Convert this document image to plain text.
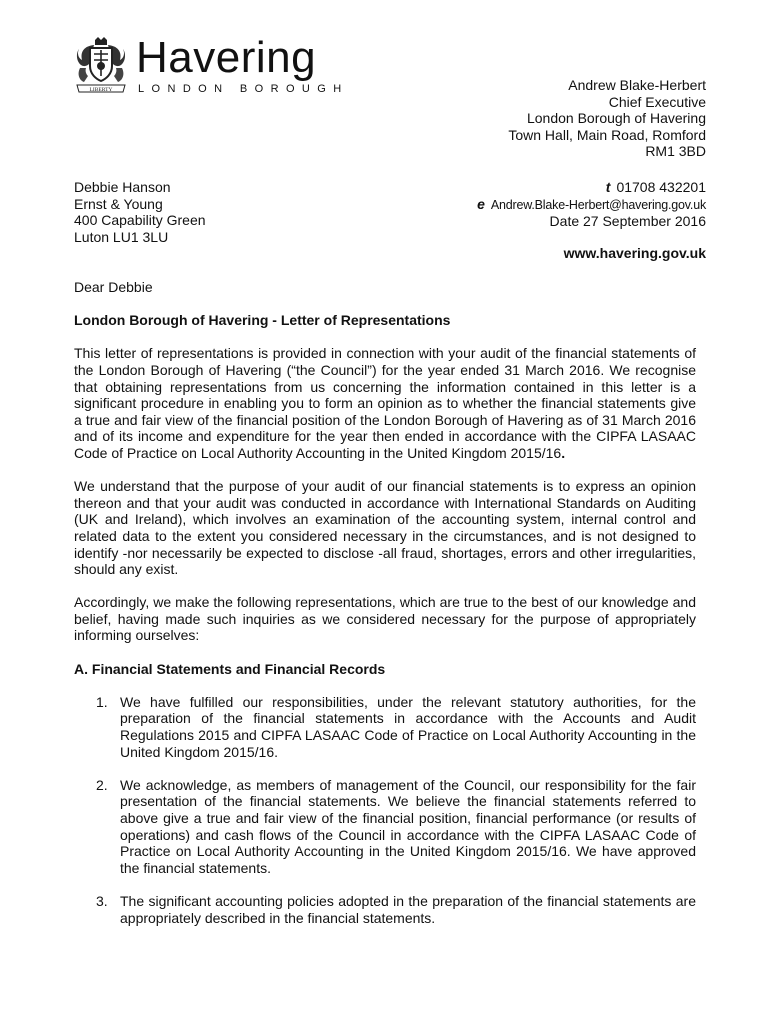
LIBERTY
Havering
LONDON BOROUGH	Andrew Blake-Herbert
Chief Executive
London Borough of Havering
Town Hall, Main Road, Romford
RM1 3BD
Debbie Hanson
Ernst & Young
400 Capability Green
Luton LU1 3LU
t 01708 432201
e Andrew.Blake-Herbert@havering.gov.uk
Date 27 September 2016
www.havering.gov.uk

Dear Debbie

London Borough of Havering - Letter of Representations

This letter of representations is provided in connection with your audit of the financial statements of the London Borough of Havering (“the Council”) for the year ended 31 March 2016. We recognise that obtaining representations from us concerning the information contained in this letter is a significant procedure in enabling you to form an opinion as to whether the financial statements give a true and fair view of the financial position of the London Borough of Havering as of 31 March 2016 and of its income and expenditure for the year then ended in accordance with the CIPFA LASAAC Code of Practice on Local Authority Accounting in the United Kingdom 2015/16.

We understand that the purpose of your audit of our financial statements is to express an opinion thereon and that your audit was conducted in accordance with International Standards on Auditing (UK and Ireland), which involves an examination of the accounting system, internal control and related data to the extent you considered necessary in the circumstances, and is not designed to identify -nor necessarily be expected to disclose -all fraud, shortages, errors and other irregularities, should any exist.

Accordingly, we make the following representations, which are true to the best of our knowledge and belief, having made such inquiries as we considered necessary for the purpose of appropriately informing ourselves:

A. Financial Statements and Financial Records
1. We have fulfilled our responsibilities, under the relevant statutory authorities, for the preparation of the financial statements in accordance with the Accounts and Audit Regulations 2015 and CIPFA LASAAC Code of Practice on Local Authority Accounting in the United Kingdom 2015/16.
2. We acknowledge, as members of management of the Council, our responsibility for the fair presentation of the financial statements. We believe the financial statements referred to above give a true and fair view of the financial position, financial performance (or results of operations) and cash flows of the Council in accordance with the CIPFA LASAAC Code of Practice on Local Authority Accounting in the United Kingdom 2015/16. We have approved the financial statements.
3. The significant accounting policies adopted in the preparation of the financial statements are appropriately described in the financial statements.
